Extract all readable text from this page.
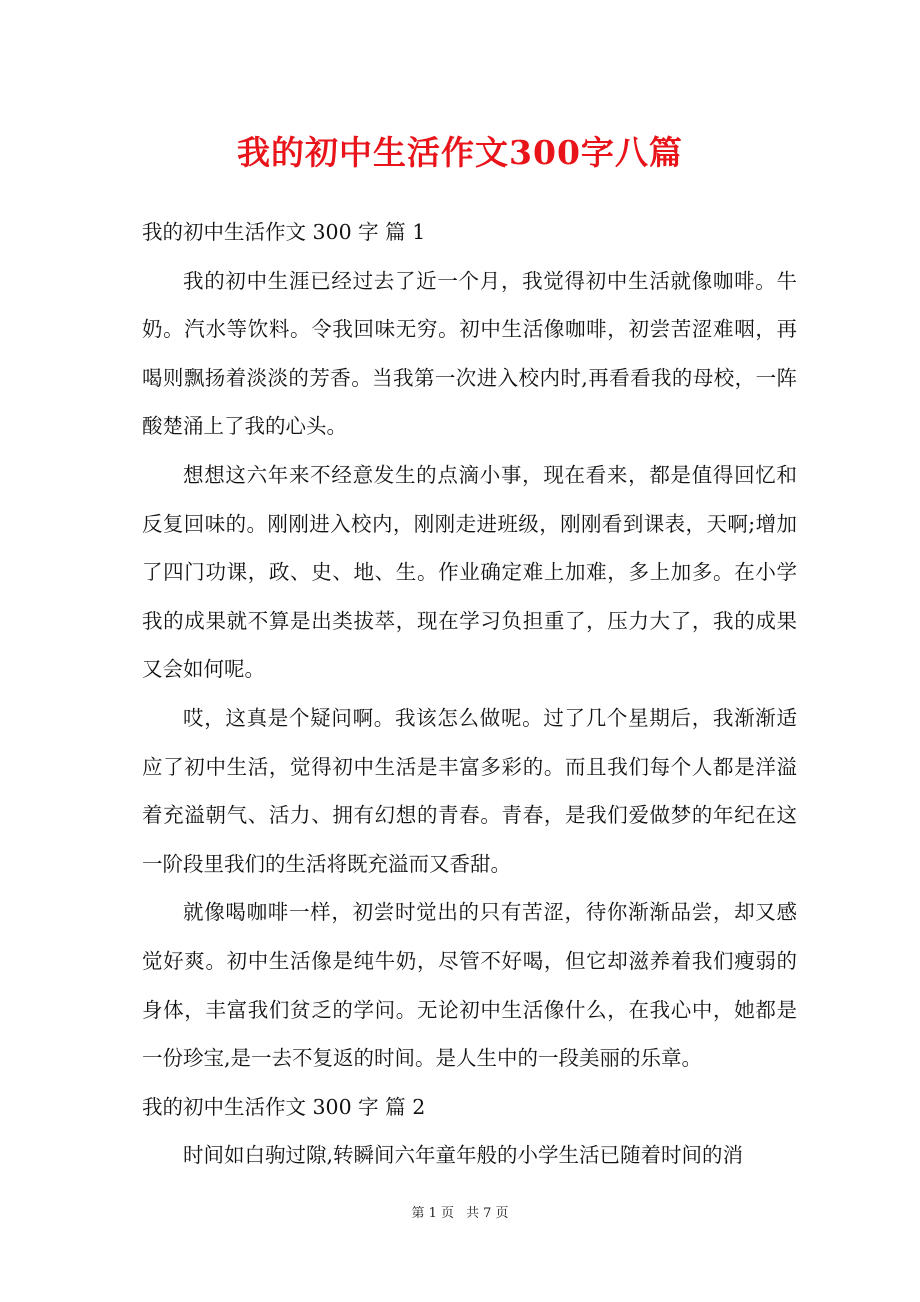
我的初中生活作文300字八篇

我的初中生活作文 300 字 篇 1

我的初中生涯已经过去了近一个月，我觉得初中生活就像咖啡。牛奶。汽水等饮料。令我回味无穷。初中生活像咖啡，初尝苦涩难咽，再喝则飘扬着淡淡的芳香。当我第一次进入校内时,再看看我的母校，一阵酸楚涌上了我的心头。

想想这六年来不经意发生的点滴小事，现在看来，都是值得回忆和反复回味的。刚刚进入校内，刚刚走进班级，刚刚看到课表，天啊;增加了四门功课，政、史、地、生。作业确定难上加难，多上加多。在小学我的成果就不算是出类拔萃，现在学习负担重了，压力大了，我的成果又会如何呢。

哎，这真是个疑问啊。我该怎么做呢。过了几个星期后，我渐渐适应了初中生活，觉得初中生活是丰富多彩的。而且我们每个人都是洋溢着充溢朝气、活力、拥有幻想的青春。青春，是我们爱做梦的年纪在这一阶段里我们的生活将既充溢而又香甜。

就像喝咖啡一样，初尝时觉出的只有苦涩，待你渐渐品尝，却又感觉好爽。初中生活像是纯牛奶，尽管不好喝，但它却滋养着我们瘦弱的身体，丰富我们贫乏的学问。无论初中生活像什么，在我心中，她都是一份珍宝,是一去不复返的时间。是人生中的一段美丽的乐章。

我的初中生活作文 300 字 篇 2

时间如白驹过隙,转瞬间六年童年般的小学生活已随着时间的消

第 1 页 共 7 页
